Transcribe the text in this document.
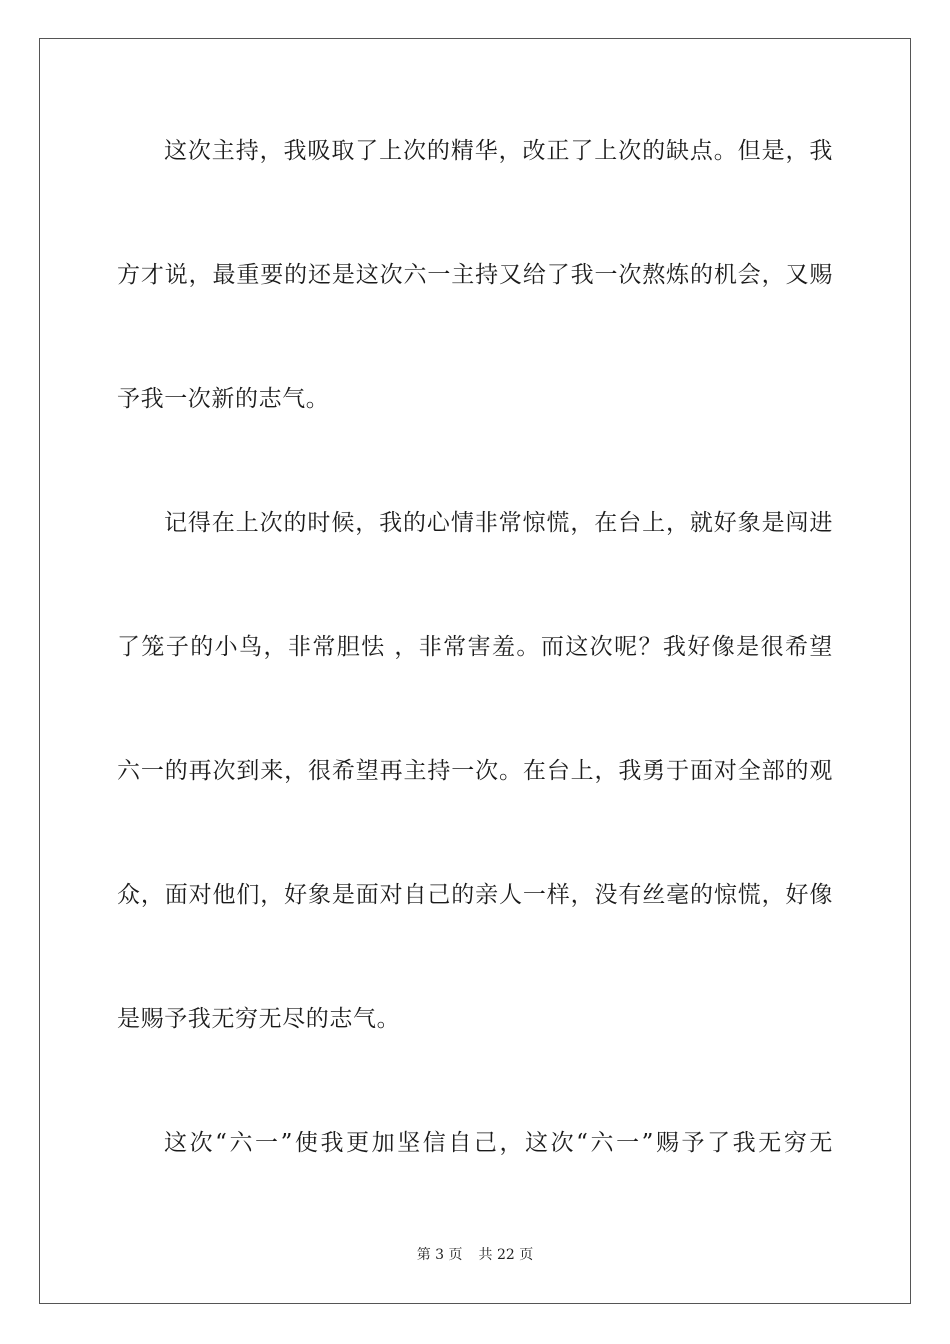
这次主持，我吸取了上次的精华，改正了上次的缺点。但是，我
方才说，最重要的还是这次六一主持又给了我一次熬炼的机会，又赐
予我一次新的志气。
记得在上次的时候，我的心情非常惊慌，在台上，就好象是闯进
了笼子的小鸟，非常胆怯 ，非常害羞。而这次呢？我好像是很希望
六一的再次到来，很希望再主持一次。在台上，我勇于面对全部的观
众，面对他们，好象是面对自己的亲人一样，没有丝毫的惊慌，好像
是赐予我无穷无尽的志气。
这次“六一”使我更加坚信自己，这次“六一”赐予了我无穷无
第 3 页 共 22 页
